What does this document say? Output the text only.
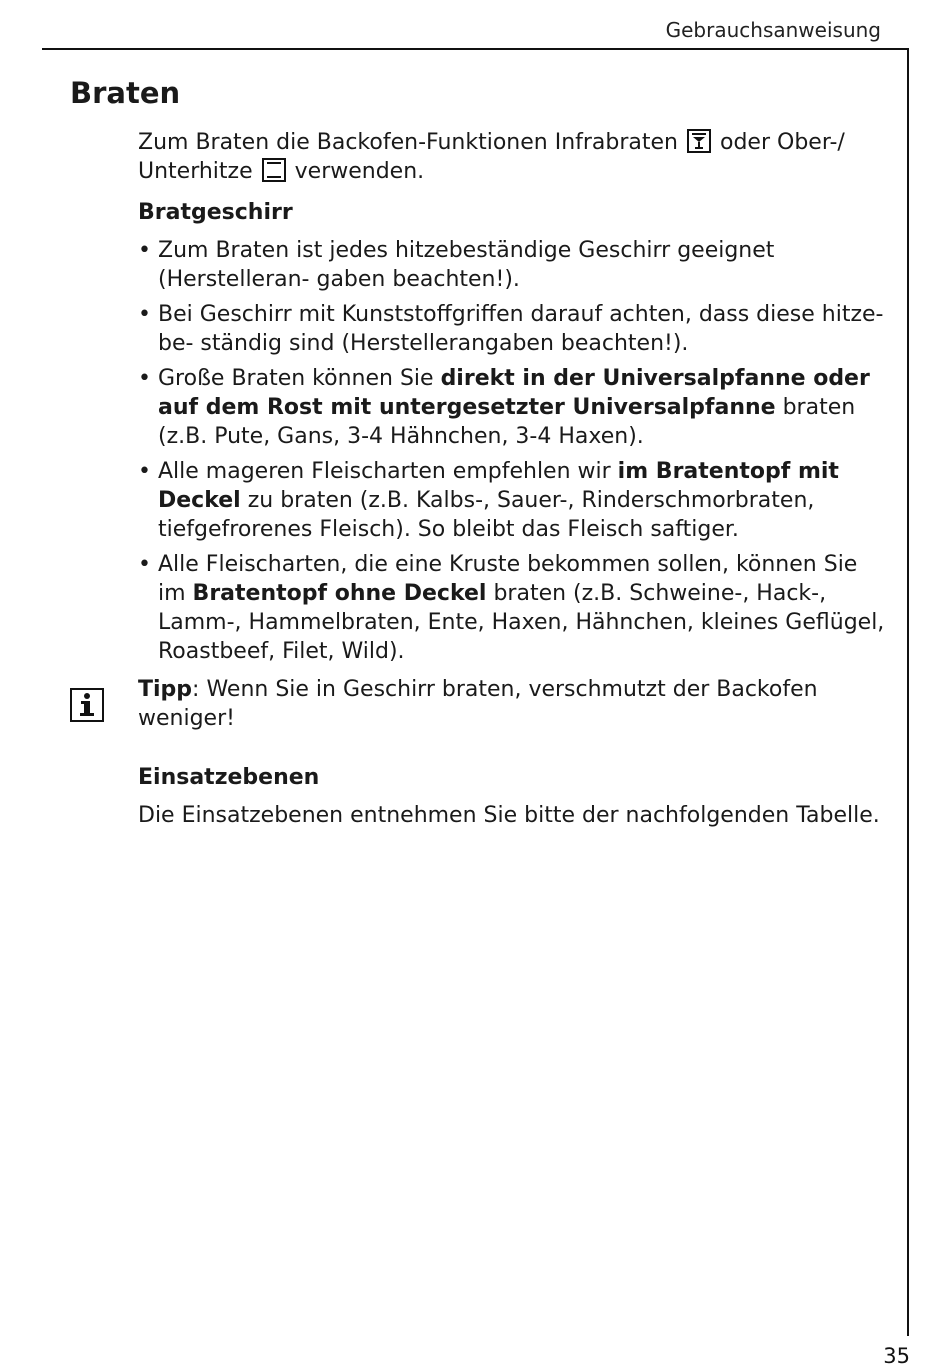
Gebrauchsanweisung
Braten

Zum Braten die Backofen-Funktionen Infrabraten  oder Ober-/ Unterhitze  verwenden.

Bratgeschirr
• Zum Braten ist jedes hitzebeständige Geschirr geeignet (Herstelleran- gaben beachten!).
• Bei Geschirr mit Kunststoffgriffen darauf achten, dass diese hitze-be- ständig sind (Herstellerangaben beachten!).
• Große Braten können Sie direkt in der Universalpfanne oder auf dem Rost mit untergesetzter Universalpfanne braten (z.B. Pute, Gans, 3-4 Hähnchen, 3-4 Haxen).
• Alle mageren Fleischarten empfehlen wir im Bratentopf mit Deckel zu braten (z.B. Kalbs-, Sauer-, Rinderschmorbraten, tiefgefrorenes Fleisch). So bleibt das Fleisch saftiger.
• Alle Fleischarten, die eine Kruste bekommen sollen, können Sie im Bratentopf ohne Deckel braten (z.B. Schweine-, Hack-, Lamm-, Hammelbraten, Ente, Haxen, Hähnchen, kleines Geflügel, Roastbeef, Filet, Wild).

Tipp: Wenn Sie in Geschirr braten, verschmutzt der Backofen weniger!

Einsatzebenen

Die Einsatzebenen entnehmen Sie bitte der nachfolgenden Tabelle.

35
